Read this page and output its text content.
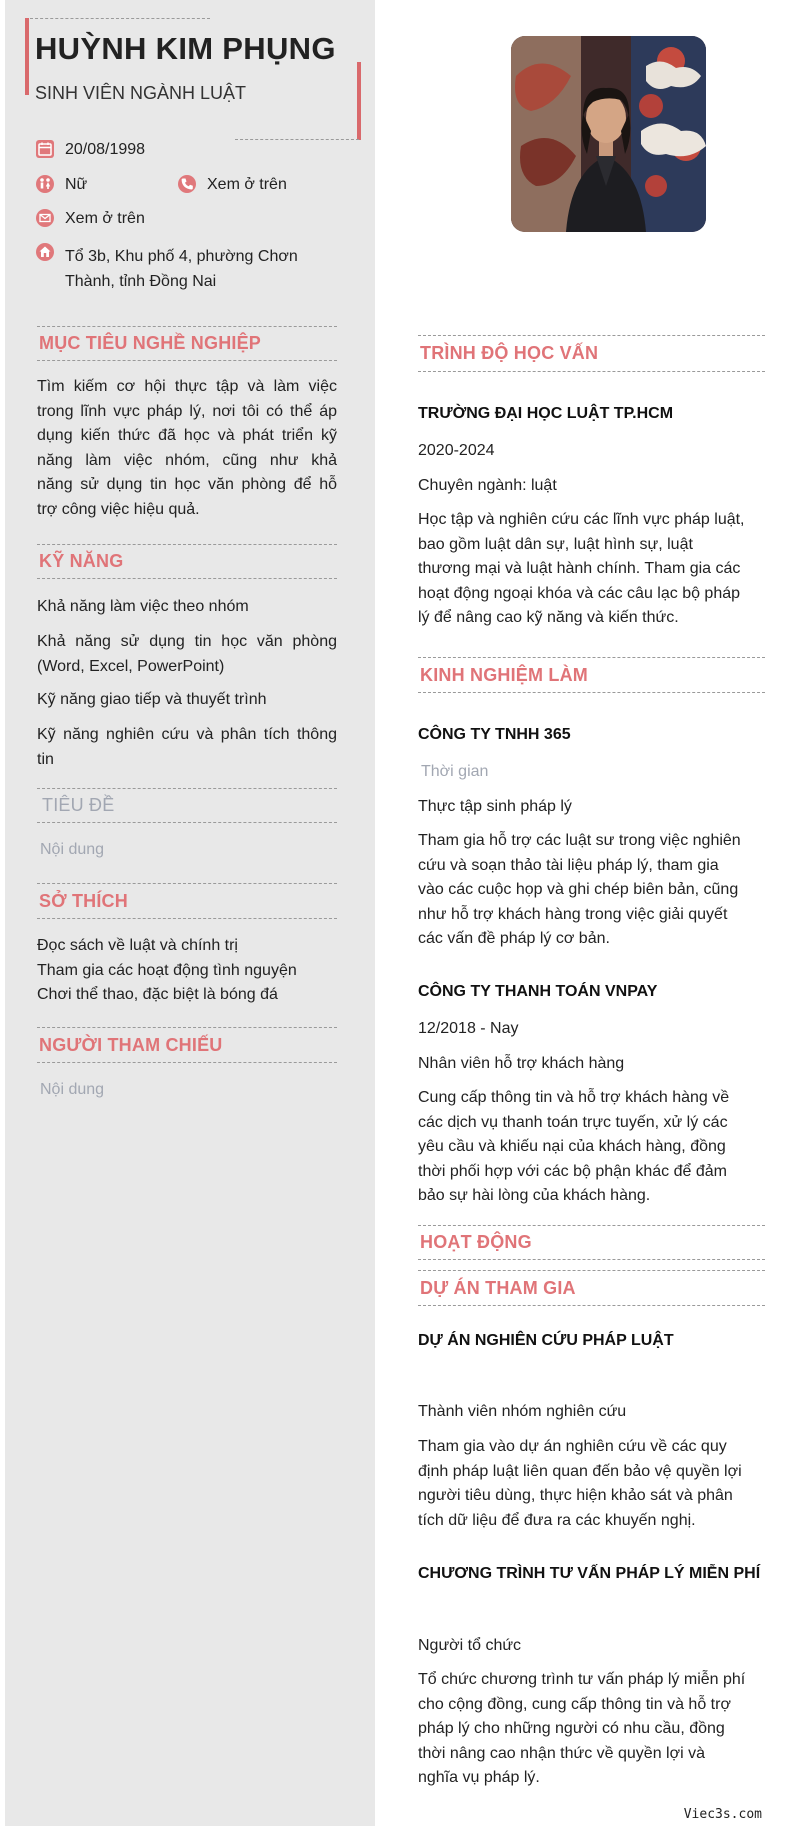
HUỲNH KIM PHỤNG
SINH VIÊN NGÀNH LUẬT
20/08/1998
Nữ	Xem ở trên
Xem ở trên
Tổ 3b, Khu phố 4, phường Chơn
Thành, tỉnh Đồng Nai
MỤC TIÊU NGHỀ NGHIỆP
Tìm kiếm cơ hội thực tập và làm việc
trong lĩnh vực pháp lý, nơi tôi có thể áp
dụng kiến thức đã học và phát triển kỹ
năng làm việc nhóm, cũng như khả
năng sử dụng tin học văn phòng để hỗ
trợ công việc hiệu quả.
KỸ NĂNG
Khả năng làm việc theo nhóm
Khả năng sử dụng tin học văn phòng
(Word, Excel, PowerPoint)
Kỹ năng giao tiếp và thuyết trình
Kỹ năng nghiên cứu và phân tích thông
tin
TIÊU ĐỀ
Nội dung
SỞ THÍCH
Đọc sách về luật và chính trị
Tham gia các hoạt động tình nguyện
Chơi thể thao, đặc biệt là bóng đá
NGƯỜI THAM CHIẾU
Nội dung
TRÌNH ĐỘ HỌC VẤN
TRƯỜNG ĐẠI HỌC LUẬT TP.HCM
2020-2024
Chuyên ngành: luật
Học tập và nghiên cứu các lĩnh vực pháp luật,
bao gồm luật dân sự, luật hình sự, luật
thương mại và luật hành chính. Tham gia các
hoạt động ngoại khóa và các câu lạc bộ pháp
lý để nâng cao kỹ năng và kiến thức.
KINH NGHIỆM LÀM
CÔNG TY TNHH 365
Thời gian
Thực tập sinh pháp lý
Tham gia hỗ trợ các luật sư trong việc nghiên
cứu và soạn thảo tài liệu pháp lý, tham gia
vào các cuộc họp và ghi chép biên bản, cũng
như hỗ trợ khách hàng trong việc giải quyết
các vấn đề pháp lý cơ bản.
CÔNG TY THANH TOÁN VNPAY
12/2018 - Nay
Nhân viên hỗ trợ khách hàng
Cung cấp thông tin và hỗ trợ khách hàng về
các dịch vụ thanh toán trực tuyến, xử lý các
yêu cầu và khiếu nại của khách hàng, đồng
thời phối hợp với các bộ phận khác để đảm
bảo sự hài lòng của khách hàng.
HOẠT ĐỘNG
DỰ ÁN THAM GIA
DỰ ÁN NGHIÊN CỨU PHÁP LUẬT
Thành viên nhóm nghiên cứu
Tham gia vào dự án nghiên cứu về các quy
định pháp luật liên quan đến bảo vệ quyền lợi
người tiêu dùng, thực hiện khảo sát và phân
tích dữ liệu để đưa ra các khuyến nghị.
CHƯƠNG TRÌNH TƯ VẤN PHÁP LÝ MIỄN PHÍ
Người tổ chức
Tổ chức chương trình tư vấn pháp lý miễn phí
cho cộng đồng, cung cấp thông tin và hỗ trợ
pháp lý cho những người có nhu cầu, đồng
thời nâng cao nhận thức về quyền lợi và
nghĩa vụ pháp lý.
Viec3s.com
